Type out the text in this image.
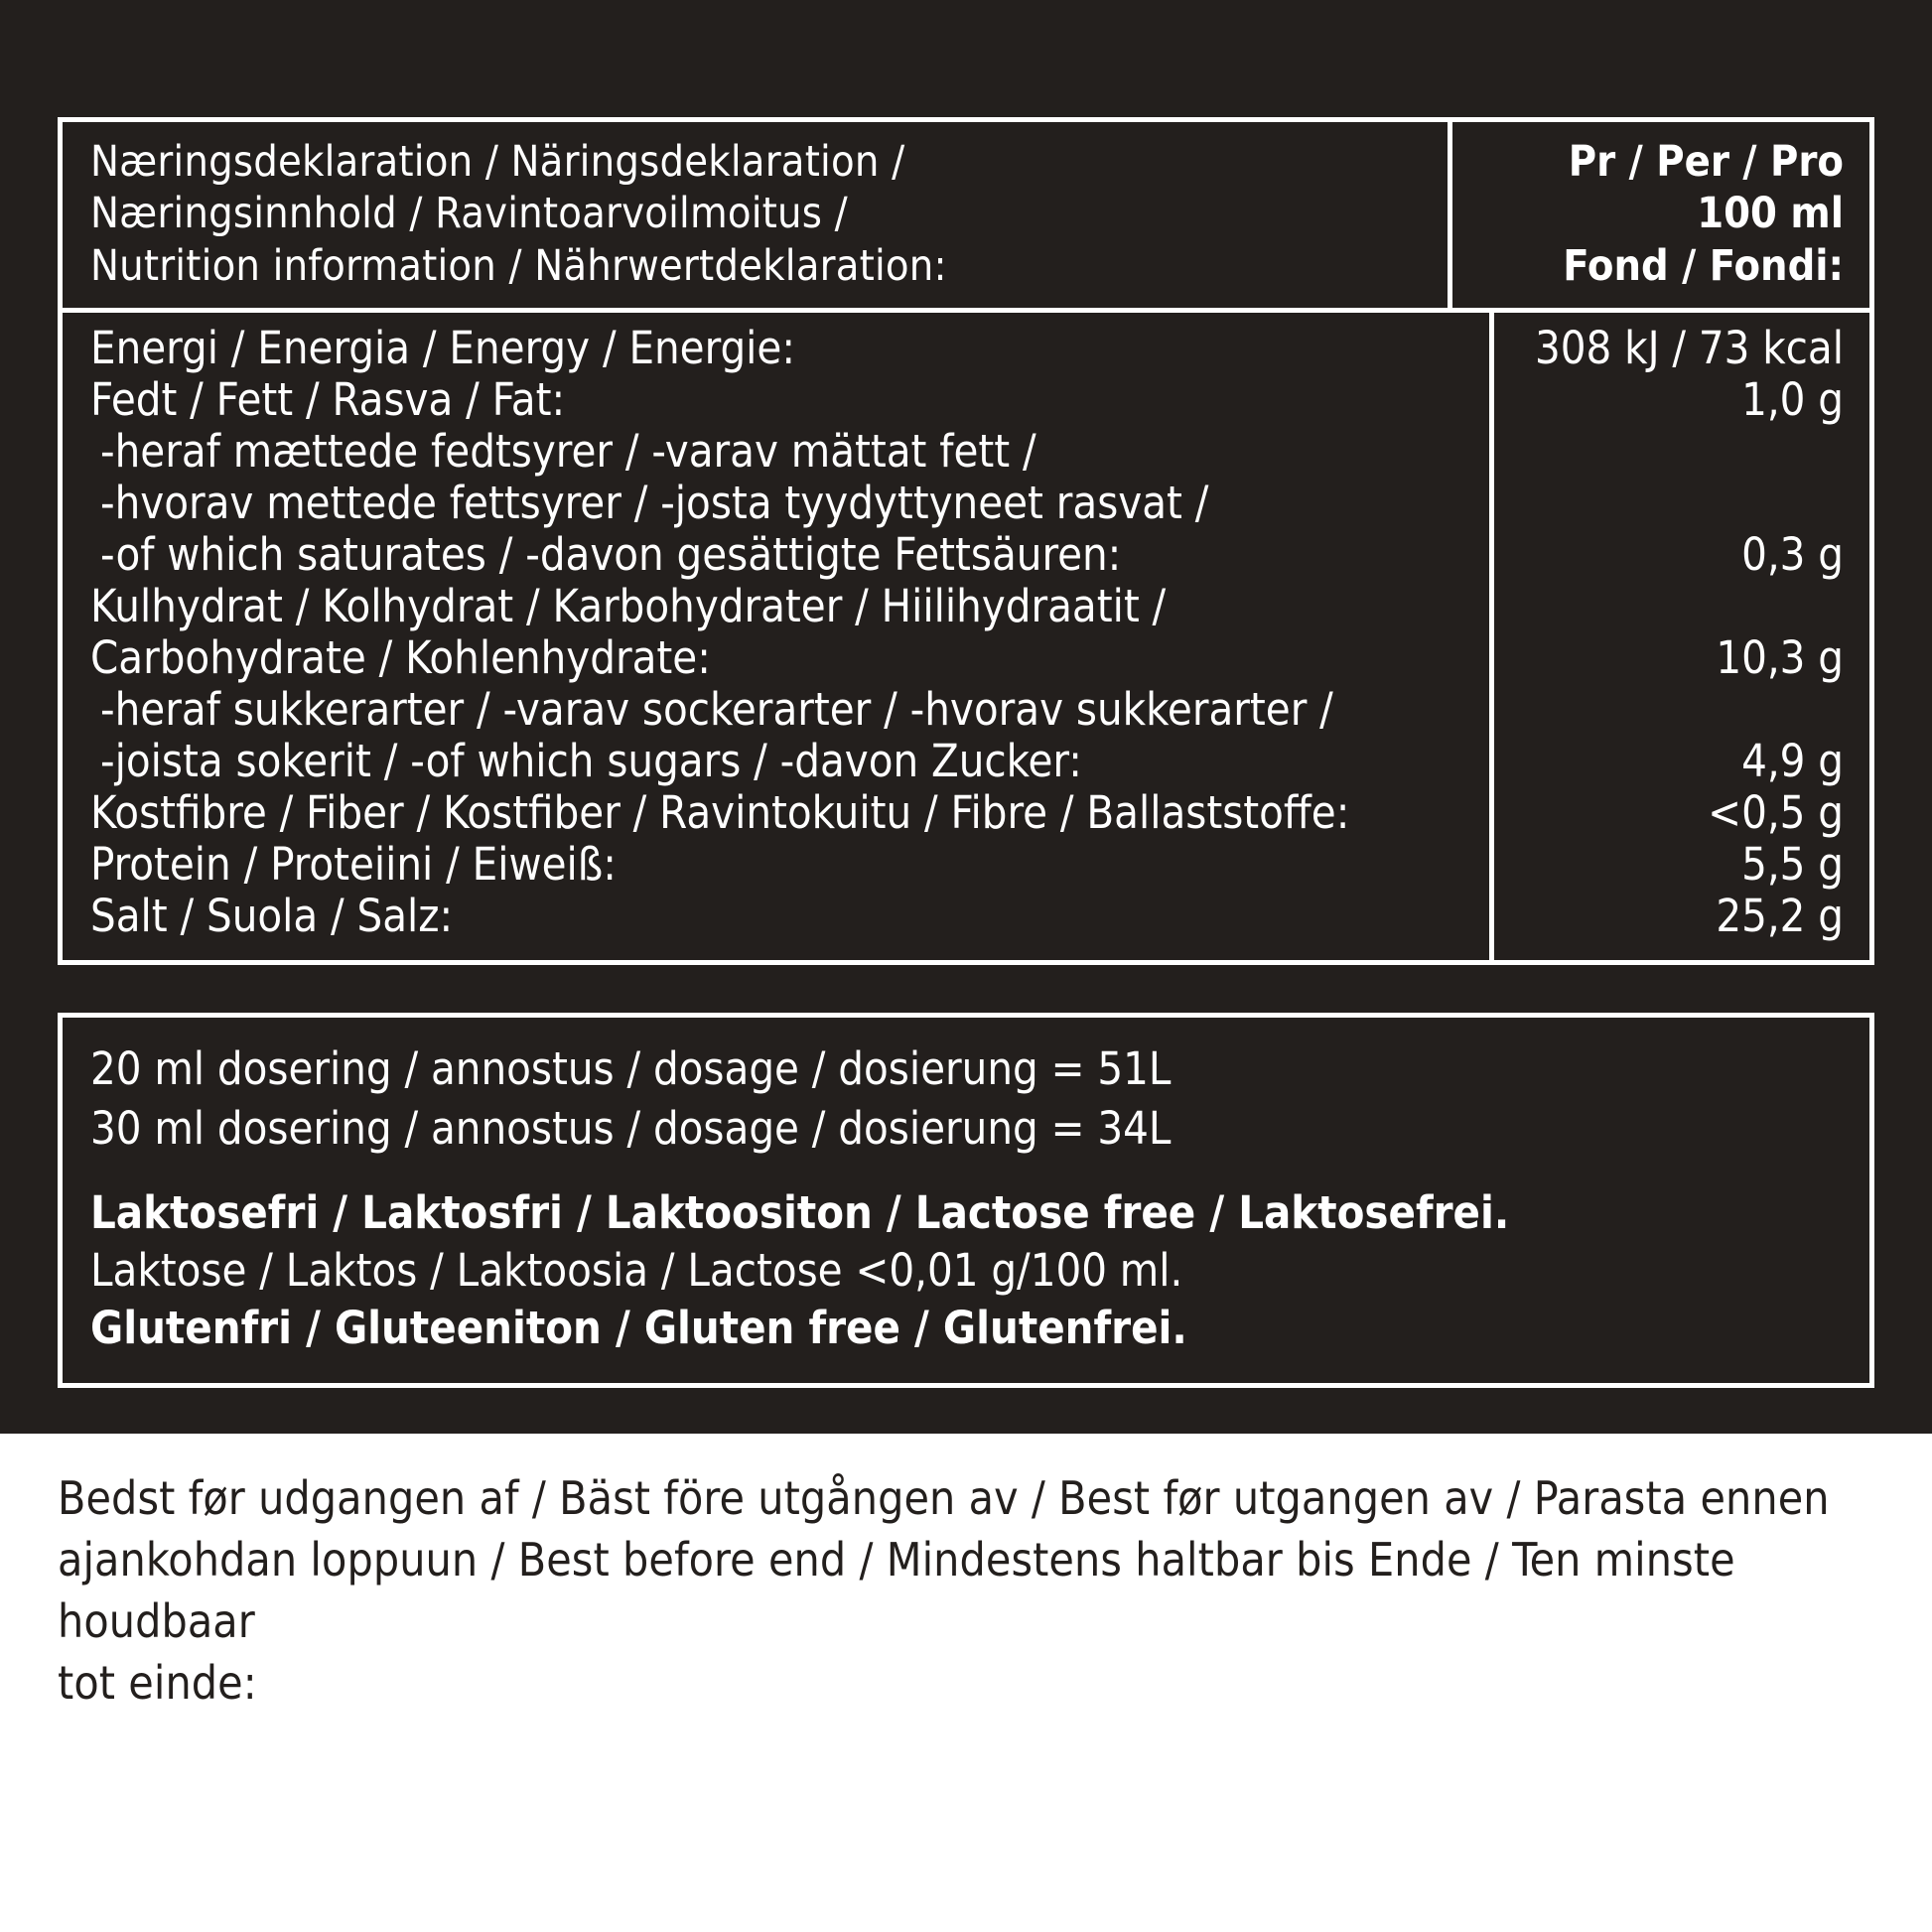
Næringsdeklaration / Näringsdeklaration /
Næringsinnhold / Ravintoarvoilmoitus /
Nutrition information / Nährwertdeklaration:
Pr / Per / Pro
100 ml
Fond / Fondi:
Energi / Energia / Energy / Energie:
Fedt / Fett / Rasva / Fat:
-heraf mættede fedtsyrer / -varav mättat fett /
-hvorav mettede fettsyrer / -josta tyydyttyneet rasvat /
-of which saturates / -davon gesättigte Fettsäuren:
Kulhydrat / Kolhydrat / Karbohydrater / Hiilihydraatit /
Carbohydrate / Kohlenhydrate:
-heraf sukkerarter / -varav sockerarter / -hvorav sukkerarter /
-joista sokerit / -of which sugars / -davon Zucker:
Kostfibre / Fiber / Kostfiber / Ravintokuitu / Fibre / Ballaststoffe:
Protein / Proteiini / Eiweiß:
Salt / Suola / Salz:
308 kJ / 73 kcal
1,0 g

0,3 g

10,3 g

4,9 g
<0,5 g
5,5 g
25,2 g
20 ml dosering / annostus / dosage / dosierung = 51L
30 ml dosering / annostus / dosage / dosierung = 34L
Laktosefri / Laktosfri / Laktoositon / Lactose free / Laktosefrei.
Laktose / Laktos / Laktoosia / Lactose <0,01 g/100 ml.
Glutenfri / Gluteeniton / Gluten free / Glutenfrei.
Bedst før udgangen af / Bäst före utgången av / Best før utgangen av / Parasta ennen
ajankohdan loppuun / Best before end / Mindestens haltbar bis Ende / Ten minste houdbaar
tot einde:
